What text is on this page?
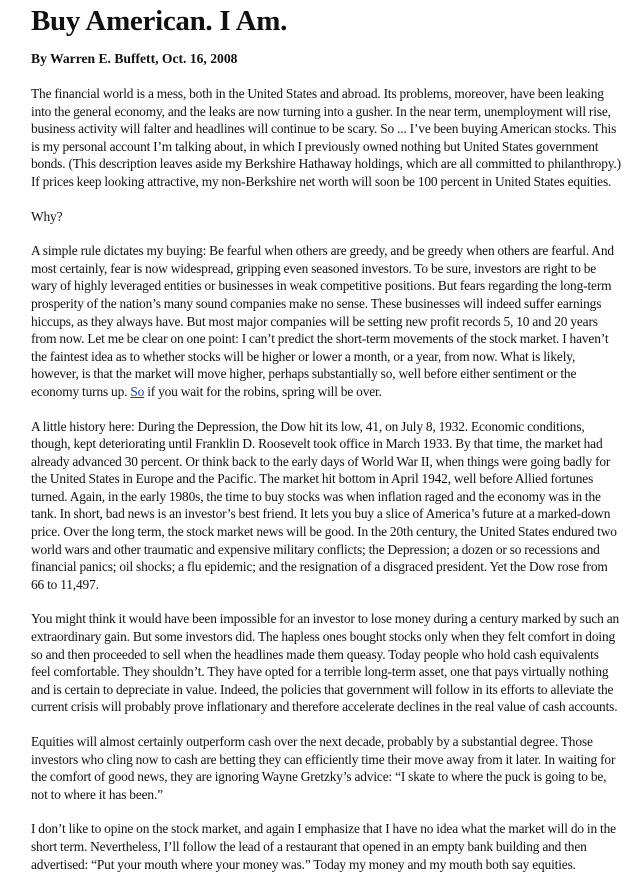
Buy American. I Am.
By Warren E. Buffett, Oct. 16, 2008

The financial world is a mess, both in the United States and abroad. Its problems, moreover, have been leaking into the general economy, and the leaks are now turning into a gusher. In the near term, unemployment will rise, business activity will falter and headlines will continue to be scary. So ... I’ve been buying American stocks. This is my personal account I’m talking about, in which I previously owned nothing but United States government bonds. (This description leaves aside my Berkshire Hathaway holdings, which are all committed to philanthropy.) If prices keep looking attractive, my non-Berkshire net worth will soon be 100 percent in United States equities.

Why?

A simple rule dictates my buying: Be fearful when others are greedy, and be greedy when others are fearful. And most certainly, fear is now widespread, gripping even seasoned investors. To be sure, investors are right to be wary of highly leveraged entities or businesses in weak competitive positions. But fears regarding the long-term prosperity of the nation’s many sound companies make no sense. These businesses will indeed suffer earnings hiccups, as they always have. But most major companies will be setting new profit records 5, 10 and 20 years from now. Let me be clear on one point: I can’t predict the short-term movements of the stock market. I haven’t the faintest idea as to whether stocks will be higher or lower a month, or a year, from now. What is likely, however, is that the market will move higher, perhaps substantially so, well before either sentiment or the economy turns up. So if you wait for the robins, spring will be over.

A little history here: During the Depression, the Dow hit its low, 41, on July 8, 1932. Economic conditions, though, kept deteriorating until Franklin D. Roosevelt took office in March 1933. By that time, the market had already advanced 30 percent. Or think back to the early days of World War II, when things were going badly for the United States in Europe and the Pacific. The market hit bottom in April 1942, well before Allied fortunes turned. Again, in the early 1980s, the time to buy stocks was when inflation raged and the economy was in the tank. In short, bad news is an investor’s best friend. It lets you buy a slice of America’s future at a marked-down price. Over the long term, the stock market news will be good. In the 20th century, the United States endured two world wars and other traumatic and expensive military conflicts; the Depression; a dozen or so recessions and financial panics; oil shocks; a flu epidemic; and the resignation of a disgraced president. Yet the Dow rose from 66 to 11,497.

You might think it would have been impossible for an investor to lose money during a century marked by such an extraordinary gain. But some investors did. The hapless ones bought stocks only when they felt comfort in doing so and then proceeded to sell when the headlines made them queasy. Today people who hold cash equivalents feel comfortable. They shouldn’t. They have opted for a terrible long-term asset, one that pays virtually nothing and is certain to depreciate in value. Indeed, the policies that government will follow in its efforts to alleviate the current crisis will probably prove inflationary and therefore accelerate declines in the real value of cash accounts.

Equities will almost certainly outperform cash over the next decade, probably by a substantial degree. Those investors who cling now to cash are betting they can efficiently time their move away from it later. In waiting for the comfort of good news, they are ignoring Wayne Gretzky’s advice: “I skate to where the puck is going to be, not to where it has been.”

I don’t like to opine on the stock market, and again I emphasize that I have no idea what the market will do in the short term. Nevertheless, I’ll follow the lead of a restaurant that opened in an empty bank building and then advertised: “Put your mouth where your money was.” Today my money and my mouth both say equities.
